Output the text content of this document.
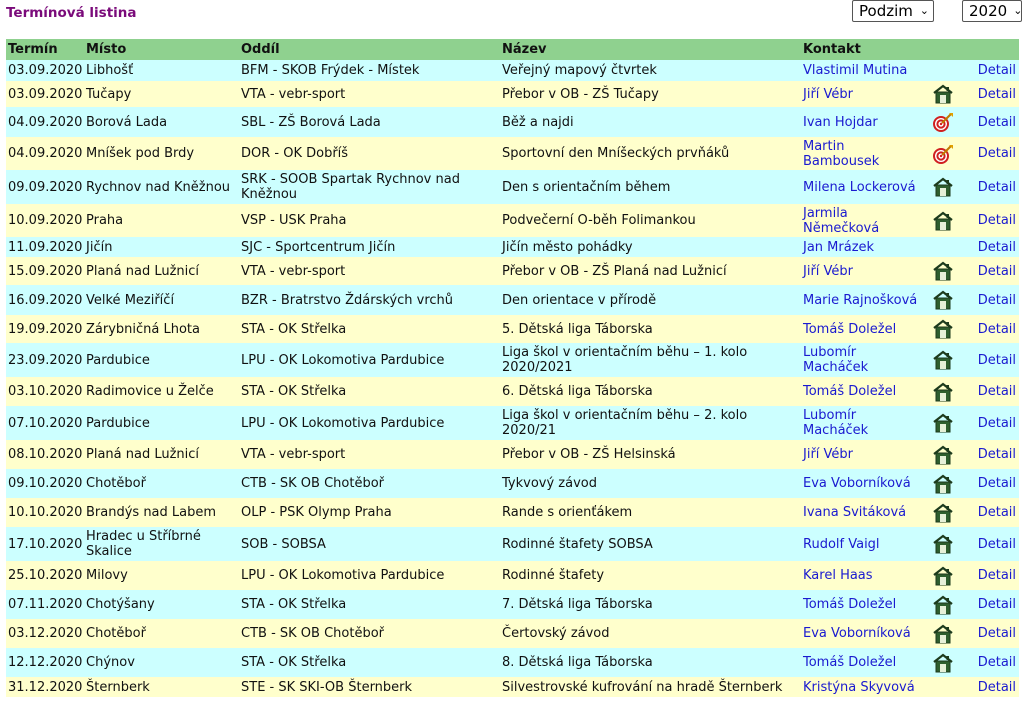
Termínová listina	Podzim ⌄	2020 ⌄
Termín	Místo	Oddíl	Název	Kontakt		
03.09.2020	Libhošť	BFM - SKOB Frýdek - Místek	Veřejný mapový čtvrtek	Vlastimil Mutina		Detail
03.09.2020	Tučapy	VTA - vebr-sport	Přebor v OB - ZŠ Tučapy	Jiří Vébr		Detail
04.09.2020	Borová Lada	SBL - ZŠ Borová Lada	Běž a najdi	Ivan Hojdar		Detail
04.09.2020	Mníšek pod Brdy	DOR - OK Dobříš	Sportovní den Mníšeckých prvňáků	Martin Bambousek		Detail
09.09.2020	Rychnov nad Kněžnou	SRK - SOOB Spartak Rychnov nad Kněžnou	Den s orientačním během	Milena Lockerová		Detail
10.09.2020	Praha	VSP - USK Praha	Podvečerní O-běh Folimankou	Jarmila Němečková		Detail
11.09.2020	Jičín	SJC - Sportcentrum Jičín	Jičín město pohádky	Jan Mrázek		Detail
15.09.2020	Planá nad Lužnicí	VTA - vebr-sport	Přebor v OB - ZŠ Planá nad Lužnicí	Jiří Vébr		Detail
16.09.2020	Velké Meziříčí	BZR - Bratrstvo Ždárských vrchů	Den orientace v přírodě	Marie Rajnošková		Detail
19.09.2020	Zárybničná Lhota	STA - OK Střelka	5. Dětská liga Táborska	Tomáš Doležel		Detail
23.09.2020	Pardubice	LPU - OK Lokomotiva Pardubice	Liga škol v orientačním běhu – 1. kolo 2020/2021	Lubomír Macháček		Detail
03.10.2020	Radimovice u Želče	STA - OK Střelka	6. Dětská liga Táborska	Tomáš Doležel		Detail
07.10.2020	Pardubice	LPU - OK Lokomotiva Pardubice	Liga škol v orientačním běhu – 2. kolo 2020/21	Lubomír Macháček		Detail
08.10.2020	Planá nad Lužnicí	VTA - vebr-sport	Přebor v OB - ZŠ Helsinská	Jiří Vébr		Detail
09.10.2020	Chotěboř	CTB - SK OB Chotěboř	Tykvový závod	Eva Voborníková		Detail
10.10.2020	Brandýs nad Labem	OLP - PSK Olymp Praha	Rande s orienťákem	Ivana Svitáková		Detail
17.10.2020	Hradec u Stříbrné Skalice	SOB - SOBSA	Rodinné štafety SOBSA	Rudolf Vaigl		Detail
25.10.2020	Milovy	LPU - OK Lokomotiva Pardubice	Rodinné štafety	Karel Haas		Detail
07.11.2020	Chotýšany	STA - OK Střelka	7. Dětská liga Táborska	Tomáš Doležel		Detail
03.12.2020	Chotěboř	CTB - SK OB Chotěboř	Čertovský závod	Eva Voborníková		Detail
12.12.2020	Chýnov	STA - OK Střelka	8. Dětská liga Táborska	Tomáš Doležel		Detail
31.12.2020	Šternberk	STE - SK SKI-OB Šternberk	Silvestrovské kufrování na hradě Šternberk	Kristýna Skyvová		Detail
